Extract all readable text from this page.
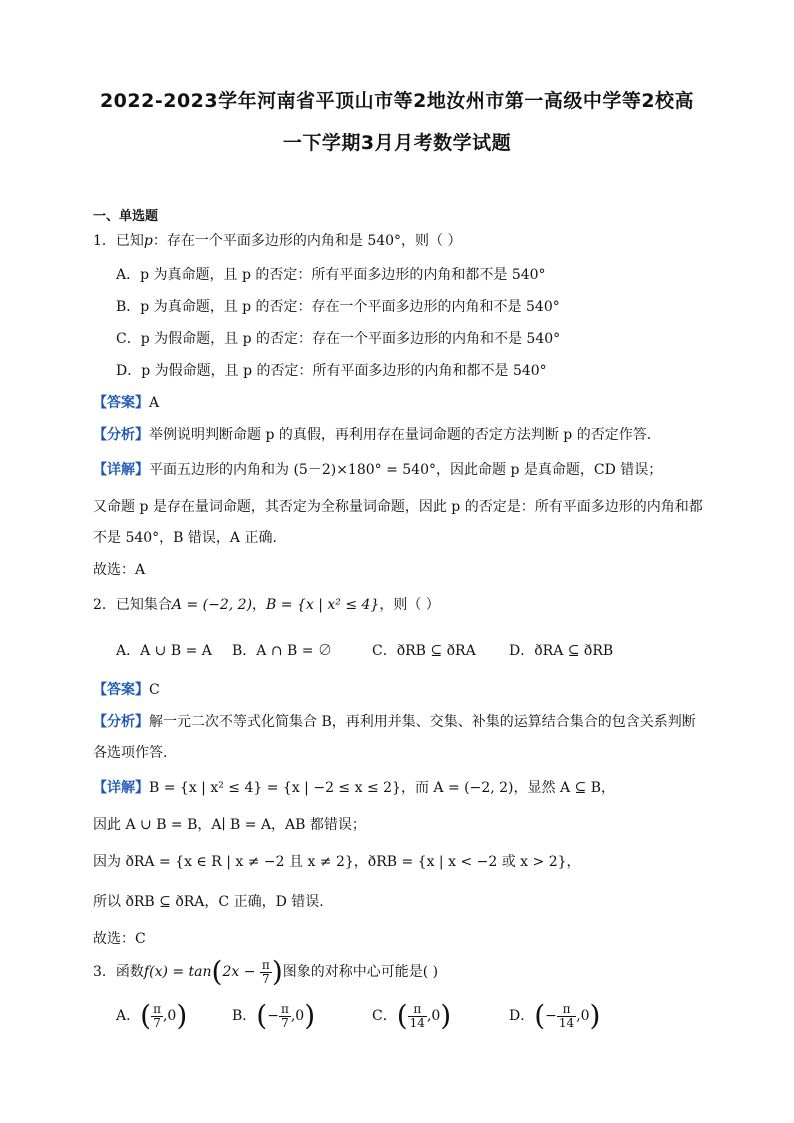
2022-2023学年河南省平顶山市等2地汝州市第一高级中学等2校高
一下学期3月月考数学试题
一、单选题
1．已知p：存在一个平面多边形的内角和是 540°，则（ ）
A．p 为真命题，且 p 的否定：所有平面多边形的内角和都不是 540°
B．p 为真命题，且 p 的否定：存在一个平面多边形的内角和不是 540°
C．p 为假命题，且 p 的否定：存在一个平面多边形的内角和不是 540°
D．p 为假命题，且 p 的否定：所有平面多边形的内角和都不是 540°
【答案】A
【分析】举例说明判断命题 p 的真假，再利用存在量词命题的否定方法判断 p 的否定作答.
【详解】平面五边形的内角和为 (5－2)×180° = 540°，因此命题 p 是真命题，CD 错误；
又命题 p 是存在量词命题，其否定为全称量词命题，因此 p 的否定是：所有平面多边形的内角和都
不是 540°，B 错误，A 正确.
故选：A
2．已知集合A = (−2, 2)，B = {x | x² ≤ 4}，则（ ）
A．A ∪ B = A B．A ∩ B = ∅	C．ðRB ⊆ ðRA D．ðRA ⊆ ðRB
【答案】C
【分析】解一元二次不等式化简集合 B，再利用并集、交集、补集的运算结合集合的包含关系判断
各选项作答.
【详解】B = {x | x² ≤ 4} = {x | −2 ≤ x ≤ 2}，而 A = (−2, 2)，显然 A ⊆ B，
因此 A ∪ B = B，A∣ B = A，AB 都错误；
因为 ðRA = {x ∈ R | x ≠ −2 且 x ≠ 2}，ðRB = {x | x < −2 或 x > 2}，
所以 ðRB ⊆ ðRA，C 正确，D 错误.
故选：C
3．函数$f(x) = \tan(2x - \frac{\pi}{7}$ )图象的对称中心可能是( )
A．( $\frac{\pi}{7} ,0$)	B．(− $\frac{\pi}{7} ,0$)	C．( $\frac{\pi}{14} ,0$)	D．(− $\frac{\pi}{14} ,0$)
